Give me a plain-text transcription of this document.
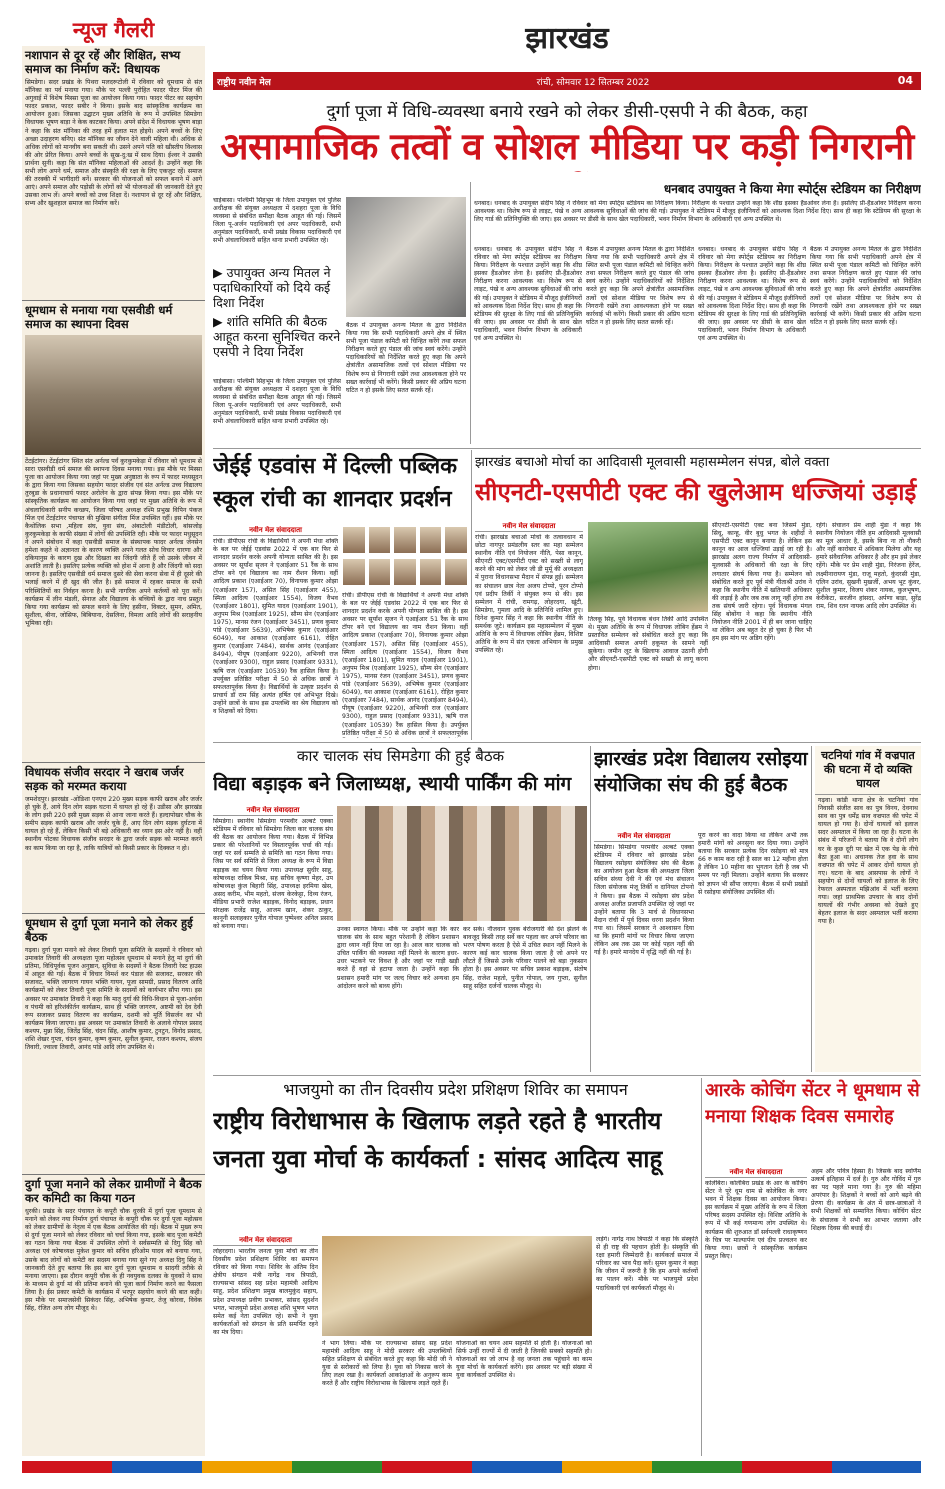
न्यूज गैलरी
नशापान से दूर रहें और शिक्षित, सभ्य समाज का निर्माण करें: विधायक
सिमडेगा। सदर प्रखंड के पिथरा मलदरूटोली में रविवार को धूमधाम से संत माँनिका का पर्व मनाया गया। मौके पर पल्ली पुरोहित फादर पीटर मिंज की अगुवाई में विशेष मिस्सा पूजा का आयोजन किया गया। फादर पीटर का सहयोग फादर प्रकाश, फादर सबीर ने किया। इसके बाद सांस्कृतिक कार्यक्रम का आयोजन हुआ। जिसका उद्घाटन मुख्य अतिथि के रूप में उपस्थित सिमडेगा विधायक भूषण बाड़ा ने केक काटकर किया। अपने संदेश में विधायक भूषण बाड़ा ने कहा कि संत मॉनिका की तरह हमें हलात मत होइये। अपने बच्चों के लिए अच्छा उदाहरण बनिए। संत मॉनिका का जीवन देने वाली महिला थी। अधिक से अधिक लोगों को मानवीय बना सकती थी। उसने अपने पति को खीस्तीय विश्वास की ओर प्रेरित किया। अपने बच्चों के सुख-दु:ख में साथ दिया। ईश्वर ने उसकी प्रार्थना सुनी। कहा कि संत मॉनिका महिलाओं की आदर्श है। उन्होंने कहा कि सभी लोग अपने धर्म, समाज और संस्कृति की रक्षा के लिए एकजुट रहें। समाज की तरक्की में भागीदारी बनें। सरकार की योजनाओं को सफल बनाने में आगे आएं। अपने समाज और पड़ोसी के लोगों को भी योजनाओं की जानकारी देते हुए उसका लाभ लें। अपने बच्चों को उच्च शिक्षा दें। नशापान से दूर रहें और शिक्षित, सभ्य और खुशहाल समाज का निर्माण करें।
धूमधाम से मनाया गया एसवीडी धर्म समाज का स्थापना दिवस
टेंटईटांगर। टेंटईटांगर स्थित संत अर्नल्ड पर्वं कुरकुमकेड़ा में रविवार को धूमधाम से सारा एसवीडी धर्म समाज की स्थापना दिवस मनाया गया। इस मौके पर मिस्सा पूजा का आयोजन किया गया जहां पर मुख्य अनुष्ठाता के रूप में फादर मध्यसूदन के द्वारा किया गया जिसका सहयोग फादर संजीव एवं संत अर्नल्ड उच्च विद्यालय तुरबुडा के प्रधानाचार्य फादर अरोलेन के द्वारा संपन्न किया गया। इस मौके पर सांस्कृतिक कार्यक्रम का आयोजन किया गया जहां पर मुख्य अतिथि के रूप में अंचलाधिकारी सनीप कच्छप, जिला परिषद अध्यक्ष रश्मि प्रभुख विपिन पंकज मिंज एवं टेंटईटांगर पंचायत की मुखिया संगीता मिंज उपस्थित रहीं। इस मौके पर कैथोलिक सभा ,महिला संघ, युवा संघ, अंबाटोली मंडीटोली, बांसजोड़ कुरकुमकेड़ा के काफी संख्या में लोगों की उपस्थिति रही। मौके पर फादर मधुसूदन ने अपने संबोधन में कहा एसवीडी समाज के संस्थापक फादर अर्नल्ड जेनसेन हमेशा कहते थे अज्ञानता के कारण व्यक्ति अपने गलत सोच विचार धारणा और दकियानुस के कारण दुख और दिखता का जिंदगी जीते हैं जो उसके जीवन में अशांति लाती है। इसलिए प्रत्येक व्यक्ति को होश में आना है और जिंदगी को सदा जानना है। इसलिए एसवीडी धर्म समाज दुसरे की सेवा करना सेवा में ही दूसरे की भलाई करने में ही खुद की जीत है। इसे समाज में रहकर समाज के सभी परिस्थितियों का निर्वहन करना है। सभी नागरिक अपने कर्तव्यों को पूरा करें। कार्यक्रम में लीन मंडली, सेनाज और विद्यालय के बच्चियों के द्वारा नाच प्रस्तुत किया गया कार्यक्रम को सफल बनाने के लिए हसीना, विक्टर, सुमन, अमित, सुशीला, बीना, जोसिफ, बिबियाना, देसलिना, विमला आदि लोगों की सराहनीय भूमिका रही।
विधायक संजीव सरदार ने खराब जर्जर सड़क को मरम्मत कराया
जमशेदपुर। झारखंड -ओडिशा एनएच 220 मुख्य सड़क काफी खराब और जर्जर हो चुके हैं, आये दिन लोग सड़क घटना में घायल हो रहे हैं। उडीसा और झारखंड के लोग इसी 220 इसी मुख्य सड़क से आना जाना करते हैं। हल्दापोखर चौक के समीप सड़क काफी खराब और जर्जर चुके हैं, आए दिन लोग सड़क दुर्घटना में घायल हो रहे हैं, लेकिन किसी भी बड़े अधिकारी का ध्यान इस ओर नहीं है। वहीं स्थानीय पोटका विधायक संजीव सरदार के द्वारा जर्जर सड़क को मरम्मत करने का काम किया जा रहा है, ताकि यात्रियों को किसी प्रकार के दिक्कत न हो।
धूमधाम से दुर्गा पूजा मनाने को लेकर हुई बैठक
गढ़वा। दुर्गा पूजा मनाने को लेकर तिवारी पूजा समिति के सदस्यों ने रविवार को उमाकांत तिवारी की अध्यक्षता पूजा महोत्सव धूमधाम से मनाने हेतु मां दुर्गा की प्रतिमा, विधिपूर्वक पूजन अनुष्ठान, सुविधा के सदस्यों ने बैठक तिवारी रेस्ट हाउस में आहूत की गई। बैठक में विचार विमर्श कर पंडाल की सजावट, सरकार की सजावट, भक्ति जागरण गायन भक्ति गायन, पूजा सामग्री, प्रसाद वितरण आदि कार्यक्रमों को लेकर तिवारी पूजा समिति के सदस्यों को कार्यभार सौंपा गया। इस अवसर पर उमाकांत तिवारी ने कहा कि मातृ दुर्गा की विधि-विधान से पूजा-अर्चना व पंचमी को हरिशंकीर्तन कार्यक्रम, साथ ही भक्ति जागरण, अष्टमी को देव देवी रूप सजाकर प्रसाद वितरण का कार्यक्रम, दशमी को मूर्ति विसर्जन का भी कार्यक्रम किया जाएगा। इस अवसर पर उमाकांत तिवारी के अलावे गोपाल प्रसाद कश्यप, मुन्ना सिंह, जितेंद्र सिंह, चंदन सिंह, आशीष कुमार, टुनटुन, विनोद प्रसाद, शशि शेखर गुप्ता, चंदन कुमार, कृष्ण कुमार, सुनील कुमार, राजन कश्यप, संजय तिवारी, ज्वाला तिवारी, आनंद पांडे आदि लोग उपस्थित थे।
दुर्गा पूजा मनाने को लेकर ग्रामीणों ने बैठक कर कमिटी का किया गठन
धुरकी। प्रखंड के सदर पंचायत के कपूरी चौक धुरकी में दुर्गा पूजा धूमधाम से मनाने को लेकर नया निर्माण दुर्गा पंचायत के कपूरी चौक पर दुर्गा पूजा महोत्सव को लेकर ग्रामीणों के नेतृत्व में एक बैठक आयोजित की गई। बैठक में मुख्य रूप से दुर्गा पूजा मनाने को लेकर रविवार को चर्चा किया गया, इसके बाद पूजा कमेटी का गठन किया गया बैठक में उपस्थित लोगों ने सर्वसम्मति से दिगु सिंह को अध्यक्ष एवं कोषाध्यक्ष मुकेश कुमार को सचिव हरिओम यादव को बनाया गया, उसके बाद लोगों को कमेटी का सदस्य बनाया गया सुने गए अध्यक्ष दिगु सिंह ने जानकारी देते हुए बताया कि इस बार दुर्गा पूजा धूमधाम व सादगी तरीके से मनाया जाएगा। इस दौरान कपूरी चौक के ही नवयुवक दलका के युवकों ने साथ के माध्यम से दुर्गा मां की प्रतिमा बनाने की पूजा कार्य निर्माण करने का फैसला लिया है। ईस प्रकार कमेटी के कार्यक्रम में भरपूर सहयोग करने की बात कही। इस मौके पर समाजसेवी सिकंदर सिंह, अभिषेक कुमार, तेजु कोरवा, विवेक सिंह, रंजित अन्य लोग मौजूद थे।
झारखंड
राष्ट्रीय नवीन मेल	रांची, सोमवार 12 सितम्बर 2022	04
दुर्गा पूजा में विधि-व्यवस्था बनाये रखने को लेकर डीसी-एसपी ने की बैठक, कहा
असामाजिक तत्वों व सोशल मीडिया पर कड़ी निगरानी
चाईबासा। पश्चिमी सिंहभूम के जिला उपायुक्त एवं पुलिस अधीक्षक की संयुक्त अध्यक्षता में दशहरा पूजा के विधि व्यवस्था से संबंधित समीक्षा बैठक आहूत की गई। जिसमें जिला पू-अर्जन पदाधिकारी एवं अपर पदाधिकारी, सभी अनुमंडल पदाधिकारी, सभी प्रखंड विकास पदाधिकारी एवं सभी अंचलाधिकारी सहित थाना प्रभारी उपस्थित रहे।
▶ उपायुक्त अन्य मितल ने पदाधिकारियों को दिये कई दिशा निर्देश
▶ शांति समिति की बैठक आहूत करना सुनिश्चित करने एसपी ने दिया निर्देश
बैठक में उपायुक्त अनन्य मितल के द्वारा निर्देशित किया गया कि सभी पदाधिकारी अपने क्षेत्र में स्थित सभी पूजा पंडाल कमिटी को चिन्हित करेंगे तथा सफल निरीक्षण करते हुए पंडाल की जांच स्वयं करेंगे। उन्होंने पदाधिकारियों को निर्देशित करते हुए कहा कि अपने क्षेत्रांतीत असामाजिक तत्वों एवं सोशल मीडिया पर विशेष रूप से निगरानी रखेंगे तथा आवश्यकता होने पर सख्त कार्रवाई भी करेंगे। किसी प्रकार की अप्रिय घटना घटित न हो इसके लिए सतत सतर्क रहें।
चाईबासा। पश्चिमी सिंहभूम के जिला उपायुक्त एवं पुलिस अधीक्षक की संयुक्त अध्यक्षता में दशहरा पूजा के विधि व्यवस्था से संबंधित समीक्षा बैठक आहूत की गई। जिसमें जिला पू-अर्जन पदाधिकारी एवं अपर पदाधिकारी, सभी अनुमंडल पदाधिकारी, सभी प्रखंड विकास पदाधिकारी एवं सभी अंचलाधिकारी सहित थाना प्रभारी उपस्थित रहे।
धनबाद उपायुक्त ने किया मेगा स्पोर्ट्स स्टेडियम का निरीक्षण
धनबाद। धनबाद के उपायुक्त संदीप सिंह ने रविवार को मेगा स्पोर्ट्स स्टेडियम का निरीक्षण किया। निरीक्षण के पश्चात उन्होंने कहा कि शीघ्र इसका हैंडओवर लेना है। इसलिए प्री-हैंडओवर निरीक्षण करना आवश्यक था। विशेष रूप से लाइट, पंखे व अन्य आवश्यक सुविधाओं की जांच की गई। उपायुक्त ने स्टेडियम में मौजूद इंजीनियरों को आवश्यक दिशा निर्देश दिए। साथ ही कहा कि स्टेडियम की सुरक्षा के लिए गार्ड की प्रतिनियुक्ति की जाए। इस अवसर पर डीसी के साथ खेल पदाधिकारी, भवन निर्माण विभाग के अधिकारी एवं अन्य उपस्थित थे।
धनबाद। धनबाद के उपायुक्त संदीप सिंह ने रविवार को मेगा स्पोर्ट्स स्टेडियम का निरीक्षण किया। निरीक्षण के पश्चात उन्होंने कहा कि शीघ्र इसका हैंडओवर लेना है। इसलिए प्री-हैंडओवर निरीक्षण करना आवश्यक था। विशेष रूप से लाइट, पंखे व अन्य आवश्यक सुविधाओं की जांच की गई। उपायुक्त ने स्टेडियम में मौजूद इंजीनियरों को आवश्यक दिशा निर्देश दिए। साथ ही कहा कि स्टेडियम की सुरक्षा के लिए गार्ड की प्रतिनियुक्ति की जाए। इस अवसर पर डीसी के साथ खेल पदाधिकारी, भवन निर्माण विभाग के अधिकारी एवं अन्य उपस्थित थे।
बैठक में उपायुक्त अनन्य मितल के द्वारा निर्देशित किया गया कि सभी पदाधिकारी अपने क्षेत्र में स्थित सभी पूजा पंडाल कमिटी को चिन्हित करेंगे तथा सफल निरीक्षण करते हुए पंडाल की जांच स्वयं करेंगे। उन्होंने पदाधिकारियों को निर्देशित करते हुए कहा कि अपने क्षेत्रांतीत असामाजिक तत्वों एवं सोशल मीडिया पर विशेष रूप से निगरानी रखेंगे तथा आवश्यकता होने पर सख्त कार्रवाई भी करेंगे। किसी प्रकार की अप्रिय घटना घटित न हो इसके लिए सतत सतर्क रहें।
धनबाद। धनबाद के उपायुक्त संदीप सिंह ने रविवार को मेगा स्पोर्ट्स स्टेडियम का निरीक्षण किया। निरीक्षण के पश्चात उन्होंने कहा कि शीघ्र इसका हैंडओवर लेना है। इसलिए प्री-हैंडओवर निरीक्षण करना आवश्यक था। विशेष रूप से लाइट, पंखे व अन्य आवश्यक सुविधाओं की जांच की गई। उपायुक्त ने स्टेडियम में मौजूद इंजीनियरों को आवश्यक दिशा निर्देश दिए। साथ ही कहा कि स्टेडियम की सुरक्षा के लिए गार्ड की प्रतिनियुक्ति की जाए। इस अवसर पर डीसी के साथ खेल पदाधिकारी, भवन निर्माण विभाग के अधिकारी एवं अन्य उपस्थित थे।
बैठक में उपायुक्त अनन्य मितल के द्वारा निर्देशित किया गया कि सभी पदाधिकारी अपने क्षेत्र में स्थित सभी पूजा पंडाल कमिटी को चिन्हित करेंगे तथा सफल निरीक्षण करते हुए पंडाल की जांच स्वयं करेंगे। उन्होंने पदाधिकारियों को निर्देशित करते हुए कहा कि अपने क्षेत्रांतीत असामाजिक तत्वों एवं सोशल मीडिया पर विशेष रूप से निगरानी रखेंगे तथा आवश्यकता होने पर सख्त कार्रवाई भी करेंगे। किसी प्रकार की अप्रिय घटना घटित न हो इसके लिए सतत सतर्क रहें।
जेईई एडवांस में दिल्ली पब्लिक स्कूल रांची का शानदार प्रदर्शन
नवीन मेल संवाददाता
रांची। डीपीएस रांची के विद्यार्थियों ने अपनी मेधा शक्ति के बल पर जेईई एडवांस 2022 में एक बार फिर से शानदार प्रदर्शन करके अपनी योग्यता साबित की है। इस अवसर पर सूर्यांश सृजन ने एआईआर 51 रैंक के साथ टॉपर बने एवं विद्यालय का नाम रौशन किया। वहीं आदित्य प्रकाश (एआईआर 70), विनायक कुमार ओझा (एआईआर 157), असित सिंह (एआईआर 455), स्मिता आदित्य (एआईआर 1554), विजय वैभव (एआईआर 1801), सुमित यादव (एआईआर 1901), अनुपम मिश्र (एआईआर 1925), सौम्य सेन (एआईआर 1975), मानस रंजन (एआईआर 3451), प्रणव कुमार पांडे (एआईआर 5639), अभिषेक कुमार (एआईआर 6049), यश आकाश (एआईआर 6161), रोहित कुमार (एआईआर 7484), सार्थक आनंद (एआईआर 8494), पीयूष (एआईआर 9220), अभिनवी राज (एआईआर 9300), राहुल प्रसाद (एआईआर 9331), ऋषि राज (एआईआर 10539) रैंक हासिल किया है। उपर्युक्त प्रतिष्ठित परीक्षा में 50 से अधिक छात्रों ने सफलतापूर्वक किया है। विद्यार्थियों के उत्कृष्ट प्रदर्शन से प्राचार्य डॉ राम सिंह अत्यंत हर्षित एवं अभिभूत दिखे। उन्होंने छात्रों के साथ इस उपलब्धि का श्रेय विद्यालय को व शिक्षकों को दिया।
रांची। डीपीएस रांची के विद्यार्थियों ने अपनी मेधा शक्ति के बल पर जेईई एडवांस 2022 में एक बार फिर से शानदार प्रदर्शन करके अपनी योग्यता साबित की है। इस अवसर पर सूर्यांश सृजन ने एआईआर 51 रैंक के साथ टॉपर बने एवं विद्यालय का नाम रौशन किया। वहीं आदित्य प्रकाश (एआईआर 70), विनायक कुमार ओझा (एआईआर 157), असित सिंह (एआईआर 455), स्मिता आदित्य (एआईआर 1554), विजय वैभव (एआईआर 1801), सुमित यादव (एआईआर 1901), अनुपम मिश्र (एआईआर 1925), सौम्य सेन (एआईआर 1975), मानस रंजन (एआईआर 3451), प्रणव कुमार पांडे (एआईआर 5639), अभिषेक कुमार (एआईआर 6049), यश आकाश (एआईआर 6161), रोहित कुमार (एआईआर 7484), सार्थक आनंद (एआईआर 8494), पीयूष (एआईआर 9220), अभिनवी राज (एआईआर 9300), राहुल प्रसाद (एआईआर 9331), ऋषि राज (एआईआर 10539) रैंक हासिल किया है। उपर्युक्त प्रतिष्ठित परीक्षा में 50 से अधिक छात्रों ने सफलतापूर्वक
झारखंड बचाओ मोर्चा का आदिवासी मूलवासी महासम्मेलन संपन्न, बोले वक्ता
सीएनटी-एसपीटी एक्ट की खुलेआम धज्जियां उड़ाई
नवीन मेल संवाददाता
रांची। झारखंड बचाओ मोर्चा के तत्वावधान में छोटा नागपुर प्रमंडलीय स्तर का महा सम्मेलन स्थानीय नीति एवं नियोजन नीति, पेसा कानून, सीएनटी एक्ट/एसपीटी एक्ट को सख्ती से लागू करने की मांग को लेकर जी डी मुर्मू की अध्यक्षता में पुराना विधानसभा मैदान में संपन्न हुई। सम्मेलन का संचालन छात्र नेता अजय टोप्पो, पूरन टोप्पो एवं प्रदीप तिर्की ने संयुक्त रूप से की। इस सम्मेलन में रांची, रामगढ़, लोहरदगा, खूंटी, सिमडेगा, गुमला आदि के प्रतिनिधि शामिल हुए। दिनेश कुमार सिंह ने कहा कि स्थानीय नीति के समर्थक जुटे। कार्यक्रम इस महासम्मेलन में मुख्य अतिथि के रूप में विधायक लोबिन हेंब्रम, विशिष्ट अतिथि के रूप में संत एकता अभियान के प्रमुख उपस्थित रहे।
तिलकू सिंह, पूर्व विधायक बंधन तिर्की आदि उपस्थित थे। मुख्य अतिथि के रूप में विधायक लोबिन हेंब्रम ने प्रस्तावित सम्मेलन को संबोधित करते हुए कहा कि आदिवासी समाज अपनी हकूमत के सामने नहीं झुकेगा। जमीन लूट के खिलाफ आवाज उठानी होगी और सीएनटी-एसपीटी एक्ट को सख्ती से लागू करना होगा।
सीएनटी-एसपीटी एक्ट बना जिसमें मुंडा, सिधू, कान्हू, वीर बुधु भगत के शहीदों ने एसपीटी एक्ट कानून बनाया है। लेकिन इस कानून का आज धज्जियां उड़ाई जा रही है। झारखंड अलग राज्य निर्माण में आदिवासी-मूलवासी के अधिकारों की रक्षा के लिए लगातार संघर्ष किया गया है। सम्मेलन को संबोधित करते हुए पूर्व मंत्री गीताश्री उरांव ने कहा कि स्थानीय नीति में खतियानी अधिकार की लड़ाई है और जब तक लागू नहीं होगा तब तक संघर्ष जारी रहेगा। पूर्व विधायक मंगल सिंह बोबोंगा ने कहा कि स्थानीय नीति नियोजन नीति 2001 में ही बन जाना चाहिए था लेकिन अब बहुत देर हो चुका है फिर भी हम इस मांग पर अडिग रहेंगे।
रहेंगे। संचालन प्रेम शाही मुंडा ने कहा कि स्थानीय नियोजन नीति हम आदिवासी मूलवासी का मूल आधार है, इसके बिना ना तो नौकरी और नहीं कारोबार में अधिकार मिलेगा और यह हमारे संवैधानिक अधिकार है और हम इसे लेकर रहेंगे। मौके पर प्रेम शाही मुंडा, निरंजना हेरेंज, लक्ष्मीनारायण मुंडा, राजू महतो, कुंदरसी मुंडा, एलिन उरांव, सुखनी मुखर्जी, अभय भूट कुंवर, सुशील कुमार, विजय शंकर नायक, कुलभूषण, केरीकेटा, सरजीन हांसदा, अर्पणा बाड़ा, सुरेंद्र राम, शिव रतन नायक आदि लोग उपस्थित थे।
कार चालक संघ सिमडेगा की हुई बैठक
विद्या बड़ाइक बने जिलाध्यक्ष, स्थायी पार्किंग की मांग
नवीन मेल संवाददाता
सिमडेगा। स्थानीय सिमडेगा परमवीर अल्बर्ट एक्का स्टेडियम में रविवार को सिमडेगा जिला कार चालक संघ की बैठक का आयोजन किया गया। बैठक में विभिन्न प्रकार की परेशानियों पर विस्तारपूर्वक चर्चा की गई। जहां पर सर्व सम्मति से समिति का गठन किया गया। जिस पर सर्व समिति से जिला अध्यक्ष के रूप में विद्या बड़ाइक का चयन किया गया। उपाध्यक्ष सुधीर साहू, कोषाध्यक्ष राकिब मिश्रा, सह सचिव कृष्णा मेहर, उप कोषाध्यक्ष कुंज बिहारी सिंह, उपाध्यक्ष इरमिया खेस, असद करीम, भीम महतो, संजय केरकेट्टा, दिव्य रंजन, मीडिया प्रभारी राजेश बड़ाइक, विनोद बड़ाइक, प्रधान संरक्षक राजेंद्र साहू, आजम खान, शंकर ठाकुर, कानूनी सलाहकार पुनीत गोपाल पुष्पेश्वर अनिल प्रसाद को बनाया गया।	उनका स्वागत किया। मौके पर उन्होंने कहा कि कार चालक संघ के साथ बहुत परेशानी है लेकिन प्रशासन द्वारा ध्यान नहीं दिया जा रहा है। आज कार चालक को उचित पार्किंग की व्यवस्था नहीं मिलने के कारण इधर-उधर भटकने पर विवश है और जहां पर गाड़ी खड़ी करते हैं वहां से हटाया जाता है। उन्होंने कहा कि प्रशासन हमारी मांग पर जल्द विचार करे अन्यथा हम आंदोलन करने को बाध्य होंगे।
कर सके। नौजवान युवक बेरोजगारी की दंश झेलने के बावजूद किसी तरह सर्वे कर पहला कर अपने परिवार का भरण पोषण करता है ऐसे में उचित स्थान नहीं मिलने के कारण कई कार चालक किया जाता है जो अपने पर लौटते हैं जिससे उनके परिवार पालने को बड़ा नुकसान होता है। इस अवसर पर सचिव प्रकाश बड़ाइक, संतोष सिंह, राजेश महतो, पुनीत गोपाल, जय गुप्ता, सुनील साहू सहित दर्जनों चालक मौजूद थे।
झारखंड प्रदेश विद्यालय रसोइया संयोजिका संघ की हुई बैठक
नवीन मेल संवाददाता
सिमडेगा। सिमडेगा परमवीर अल्बर्ट एक्का स्टेडियम में रविवार को झारखंड प्रदेश विद्यालय रसोइया संयोजिका संघ की बैठक का आयोजन हुआ बैठक की अध्यक्षता जिला सचिव संध्या देवी ने की एवं मंच संचालन जिला संयोजक मंजू तिर्की व दानियल टोपनो ने किया। इस बैठक में रसोइया संघ प्रदेश अध्यक्ष अजीत प्रजापति उपस्थित रहे जहां पर उन्होंने बताया कि 3 मार्च से विधानसभा मैदान रांची में पूर्व दिवस धरना प्रदर्शन किया गया था। जिसमें सरकार ने आश्वासन दिया था कि हमारी मांगों पर विचार किया जाएगा लेकिन अब तक उस पर कोई पहल नहीं की गई है। हमारे मानदेय में वृद्धि नहीं की गई है।
पूरा करने का वादा किया था लेकिन अभी तक हमारी मांगों को अनसुना कर दिया गया। उन्होंने बताया कि सरकार प्रत्येक दिन रसोइया को मात्र 66 रु काम करा रही है साल का 12 महीना होता है लेकिन 10 महीना का भुगतान देती है जब भी समय पर नहीं मिलता। उन्होंने बताया कि सरकार को ज्ञापन भी सौंपा जाएगा। बैठक में सभी प्रखंडों से रसोइया संयोजिका उपस्थित थीं।
चटनियां गांव में वज्रपात की घटना में दो व्यक्ति घायल
गढ़वा। कांडी थाना क्षेत्र के चटनियां गांव निवासी संजीत साव का पुत्र विनय, देवनाथ साव का पुत्र धर्मेंद्र साव वज्रपात की चपेट में घायल हो गया है। दोनों घायलों को इलाज सदर अस्पताल में किया जा रहा है। घटना के संबंध में परिजनों ने बताया कि वे दोनों लोग घर के कुछ दूरी पर खेत में एक पेड़ के नीचे बैठा हुआ था। अचानक तेज हवा के साथ वज्रपात की चपेट में आकर दोनों घायल हो गए। घटना के बाद आसपास के लोगों ने सहयोग से दोनों घायलों को इलाज के लिए रेफरल अस्पताल मझिआंव में भर्ती कराया गया। जहां प्राथमिक उपचार के बाद दोनों घायलों की गंभीर अवस्था को देखते हुए बेहतर इलाज के सदर अस्पताल भर्ती कराया गया है।
भाजयुमो का तीन दिवसीय प्रदेश प्रशिक्षण शिविर का समापन
राष्ट्रीय विरोधाभास के खिलाफ लड़ते रहते है भारतीय जनता युवा मोर्चा के कार्यकर्ता : सांसद आदित्य साहू
नवीन मेल संवाददाता
लोहरदगा। भारतीय जनता युवा मोर्चा का तीन दिवसीय प्रदेश प्रशिक्षण शिविर का समापन रविवार को किया गया। शिविर के अंतिम दिन क्षेत्रीय संगठन मंत्री नागेंद्र नाथ त्रिपाठी, राज्यसभा सांसद सह प्रदेश महामंत्री आदित्य साहू, प्रदेश प्रशिक्षण प्रमुख बालमुकुंद सहाय, प्रदेश उपाध्यक्ष प्रवीण प्रभाकर, सांसद सुदर्शन भगत, भाजयुमो प्रदेश अध्यक्ष शशि भूषण भगत समेत कई नेता उपस्थित रहे। सभी ने युवा कार्यकर्ताओं को संगठन के प्रति समर्पित रहने का मंत्र दिया।
ने भाग लिया। मौके पर राज्यसभा सांसद सह प्रदेश महामंत्री आदित्य साहू ने मोदी सरकार की उपलब्धियों सहित प्रशिक्षण से संबंधित करते हुए कहा कि मोदी जी ने युवा से सरोकारों को लिया है। युवा को निकास करने के लिए लक्ष्य रखा है। कार्यकर्ता आकांक्षाओं के अनुरूप काम करते हैं और राष्ट्रीय विरोधाभास के खिलाफ लड़ते रहते हैं।
योजनाओं का चयन आम सहमति से होती है। योजनाओं को सिर्फ उन्हीं राज्यों में दी जाती है जिनकी सबको सहमति हो। योजनाओं का जो लाभ है वह जनता तक पहुंचाने का काम युवा मोर्चा के कार्यकर्ता करेंगे। इस अवसर पर बड़ी संख्या में युवा कार्यकर्ता उपस्थित थे।
लड़ेंगे। नागेंद्र नाथ त्रिपाठी ने कहा कि संस्कृति से ही राष्ट्र की पहचान होती है। संस्कृति की रक्षा हमारी जिम्मेदारी है। कार्यकर्ता समाज में परिवार का भाव पैदा करें। सुमन कुमार ने कहा कि जीवन में जरूरी है कि हम अपने कर्तव्यों का पालन करें। मौके पर भाजयुमो प्रदेश पदाधिकारी एवं कार्यकर्ता मौजूद थे।
आरके कोचिंग सेंटर ने धूमधाम से मनाया शिक्षक दिवस समारोह
नवीन मेल संवाददाता
कोलेबिरा। कोलेबिरा प्रखंड के आर के कोचिंग सेंटर ने पूरे धूम धाम से कोलेबिरा के नगर भवन में शिक्षक दिवस का आयोजन किया। इस कार्यक्रम में मुख्य अतिथि के रूप में जिला परिषद सदस्य उपस्थित रहे। विशिष्ट अतिथि के रूप में भी कई गणमान्य लोग उपस्थित थे। कार्यक्रम की शुरुआत डॉ सर्वपल्ली राधाकृष्णन के चित्र पर माल्यार्पण एवं दीप प्रज्वलन कर किया गया। छात्रों ने सांस्कृतिक कार्यक्रम प्रस्तुत किए।
अहम और पवित्र हिस्सा है। जिसके बाद स्वर्णिम उत्कर्ष इतिहास में दर्ज है। गुरु और गोविंद में गुरु का पद पहले माना गया है। गुरु की महिमा अपरंपार है। शिक्षकों ने बच्चों को आगे बढ़ने की प्रेरणा दी। कार्यक्रम के अंत में छात्र-छात्राओं ने सभी शिक्षकों को सम्मानित किया। कोचिंग सेंटर के संचालक ने सभी का आभार जताया और शिक्षक दिवस की बधाई दी।
